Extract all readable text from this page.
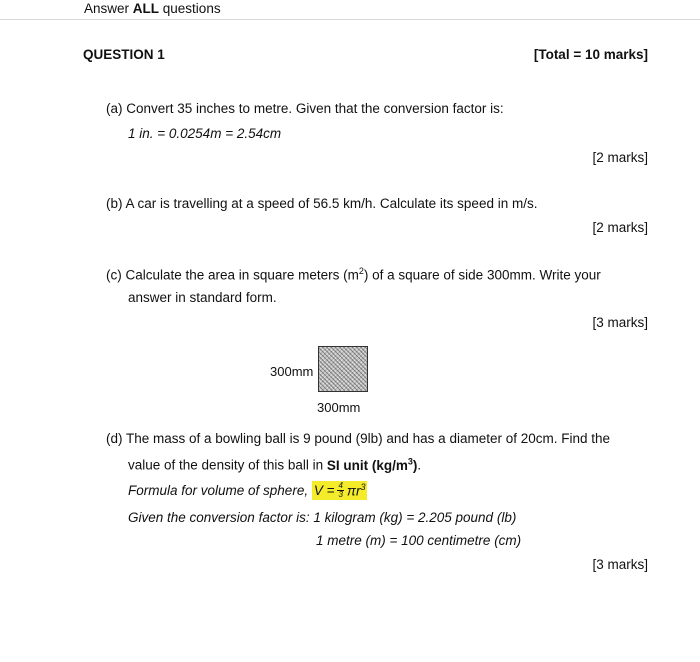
Answer ALL questions
QUESTION 1	[Total = 10 marks]
(a) Convert 35 inches to metre. Given that the conversion factor is:
1 in. = 0.0254m = 2.54cm
[2 marks]
(b) A car is travelling at a speed of 56.5 km/h. Calculate its speed in m/s.
[2 marks]
(c) Calculate the area in square meters $(m^2)$ of a square of side 300mm. Write your
answer in standard form.
[3 marks]
300mm
300mm
(d) The mass of a bowling ball is 9 pound (9lb) and has a diameter of 20cm. Find the
value of the density of this ball in SI unit $(kg/m^3)$.
Formula for volume of sphere, $V = \frac{4}{3} \pi r^3$
Given the conversion factor is: 1 kilogram (kg) = 2.205 pound (lb)
1 metre (m) = 100 centimetre (cm)
[3 marks]
